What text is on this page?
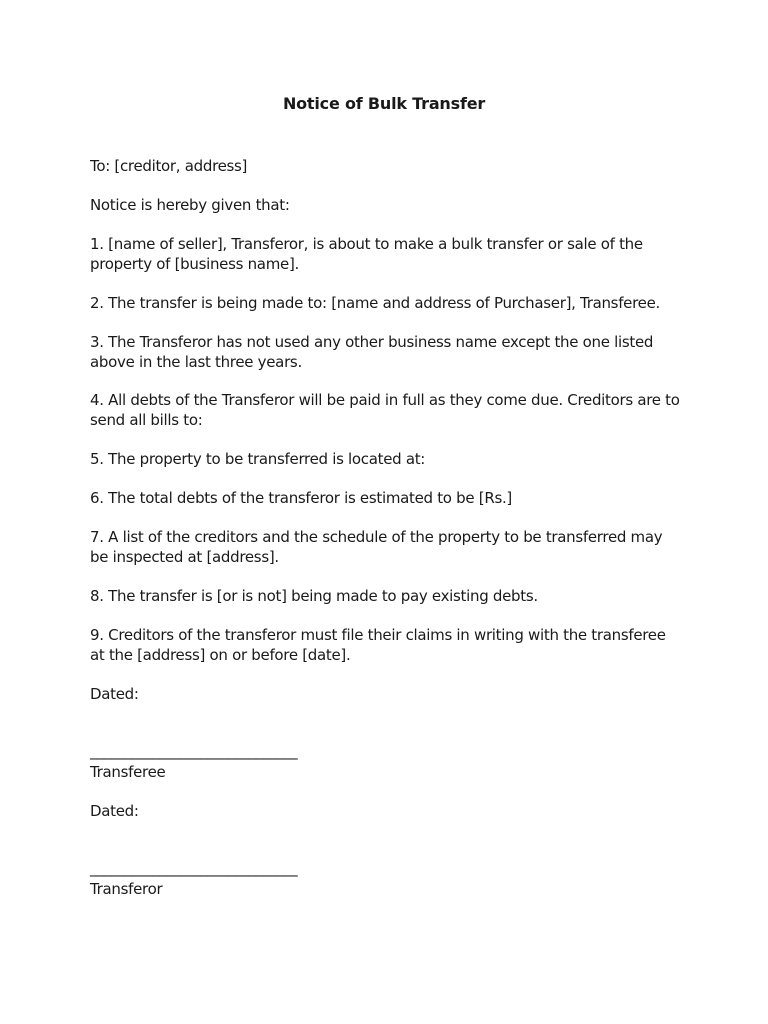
Notice of Bulk Transfer

To: [creditor, address]

Notice is hereby given that:

1. [name of seller], Transferor, is about to make a bulk transfer or sale of the property of [business name].

2. The transfer is being made to: [name and address of Purchaser], Transferee.

3. The Transferor has not used any other business name except the one listed above in the last three years.

4. All debts of the Transferor will be paid in full as they come due. Creditors are to send all bills to:

5. The property to be transferred is located at:

6. The total debts of the transferor is estimated to be [Rs.]

7. A list of the creditors and the schedule of the property to be transferred may be inspected at [address].

8. The transfer is [or is not] being made to pay existing debts.

9. Creditors of the transferor must file their claims in writing with the transferee at the [address] on or before [date].

Dated:

______________________________

Transferee

Dated:

______________________________

Transferor
